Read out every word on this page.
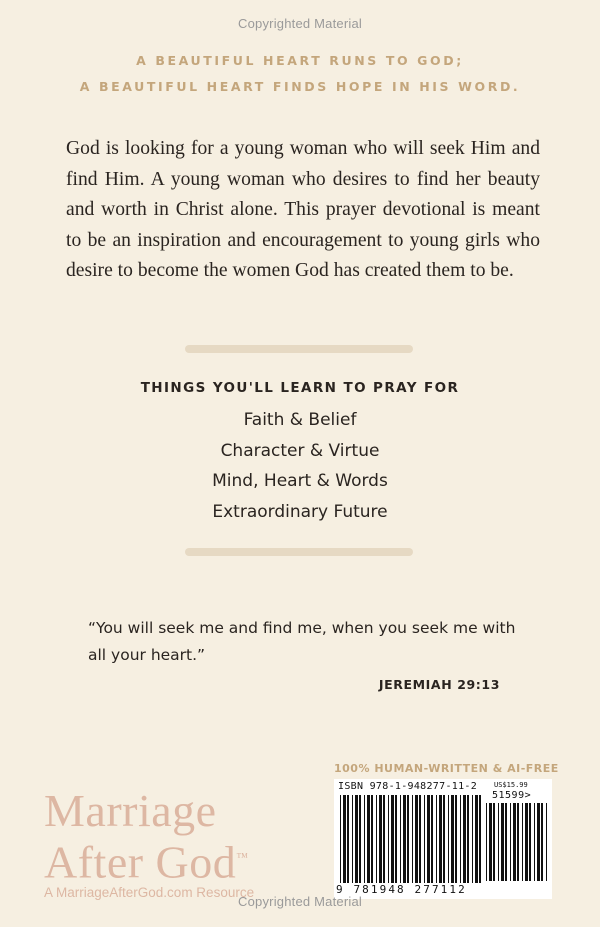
Copyrighted Material
A BEAUTIFUL HEART RUNS TO GOD;
A BEAUTIFUL HEART FINDS HOPE IN HIS WORD.
God is looking for a young woman who will seek Him and find Him. A young woman who desires to find her beauty and worth in Christ alone. This prayer devotional is meant to be an inspiration and encouragement to young girls who desire to become the women God has created them to be.
THINGS YOU'LL LEARN TO PRAY FOR
Faith & Belief
Character & Virtue
Mind, Heart & Words
Extraordinary Future
“You will seek me and find me, when you seek me with all your heart.”
JEREMIAH 29:13
Marriage
After God™
A MarriageAfterGod.com Resource
100% HUMAN-WRITTEN & AI-FREE
ISBN 978-1-948277-11-2 US$15.99
51599>
9 781948 277112
Copyrighted Material
